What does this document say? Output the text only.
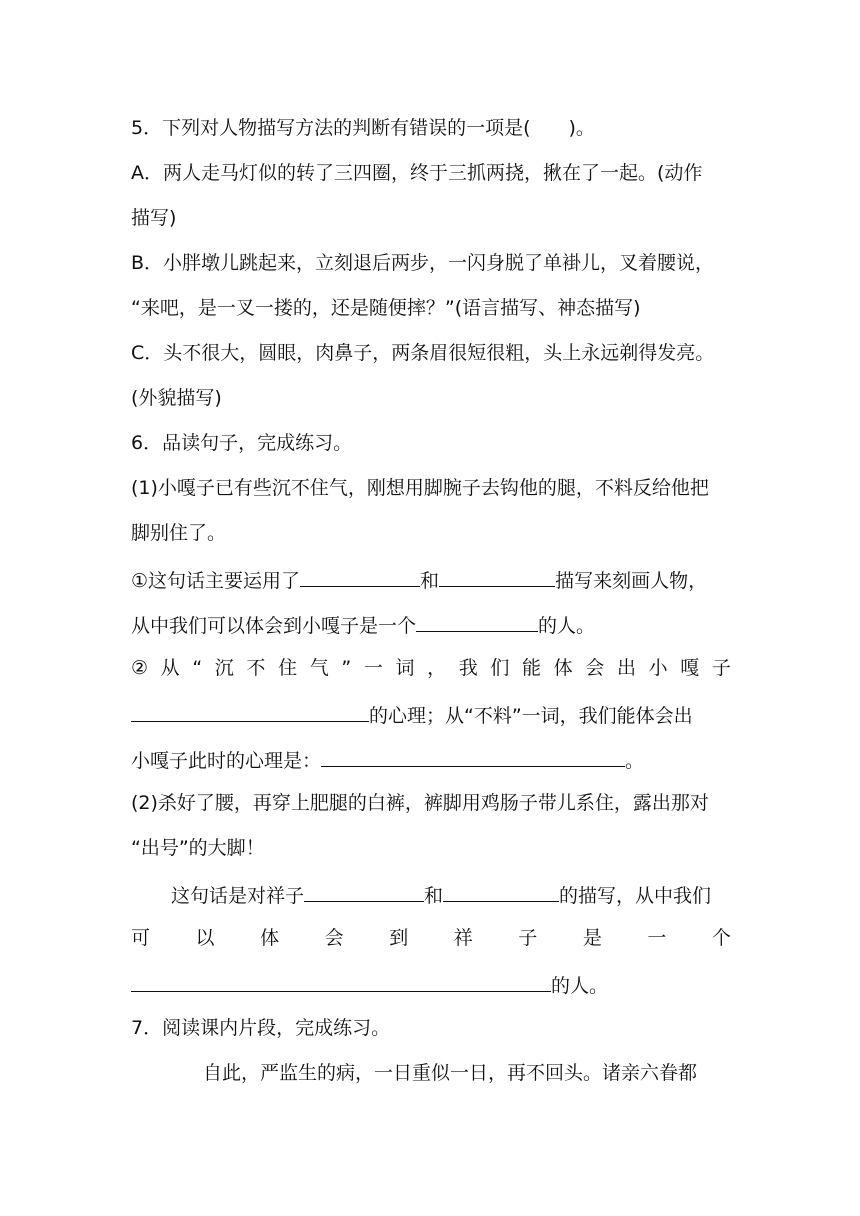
5．下列对人物描写方法的判断有错误的一项是(　　)。
A．两人走马灯似的转了三四圈，终于三抓两挠，揪在了一起。(动作
描写)
B．小胖墩儿跳起来，立刻退后两步，一闪身脱了单褂儿，叉着腰说，
“来吧，是一叉一搂的，还是随便摔？”(语言描写、神态描写)
C．头不很大，圆眼，肉鼻子，两条眉很短很粗，头上永远剃得发亮。
(外貌描写)
6．品读句子，完成练习。
(1)小嘎子已有些沉不住气，刚想用脚腕子去钩他的腿，不料反给他把
脚别住了。
①这句话主要运用了	和	描写来刻画人物，
从中我们可以体会到小嘎子是一个	的人。
② 从 “ 沉 不 住 气 ” 一 词 ， 我 们 能 体 会 出 小 嘎 子
的心理；从“不料”一词，我们能体会出
小嘎子此时的心理是：	。
(2)杀好了腰，再穿上肥腿的白裤，裤脚用鸡肠子带儿系住，露出那对
“出号”的大脚！
这句话是对祥子	和	的描写，从中我们
可 以 体 会 到 祥 子 是 一 个
的人。
7．阅读课内片段，完成练习。
自此，严监生的病，一日重似一日，再不回头。诸亲六眷都
